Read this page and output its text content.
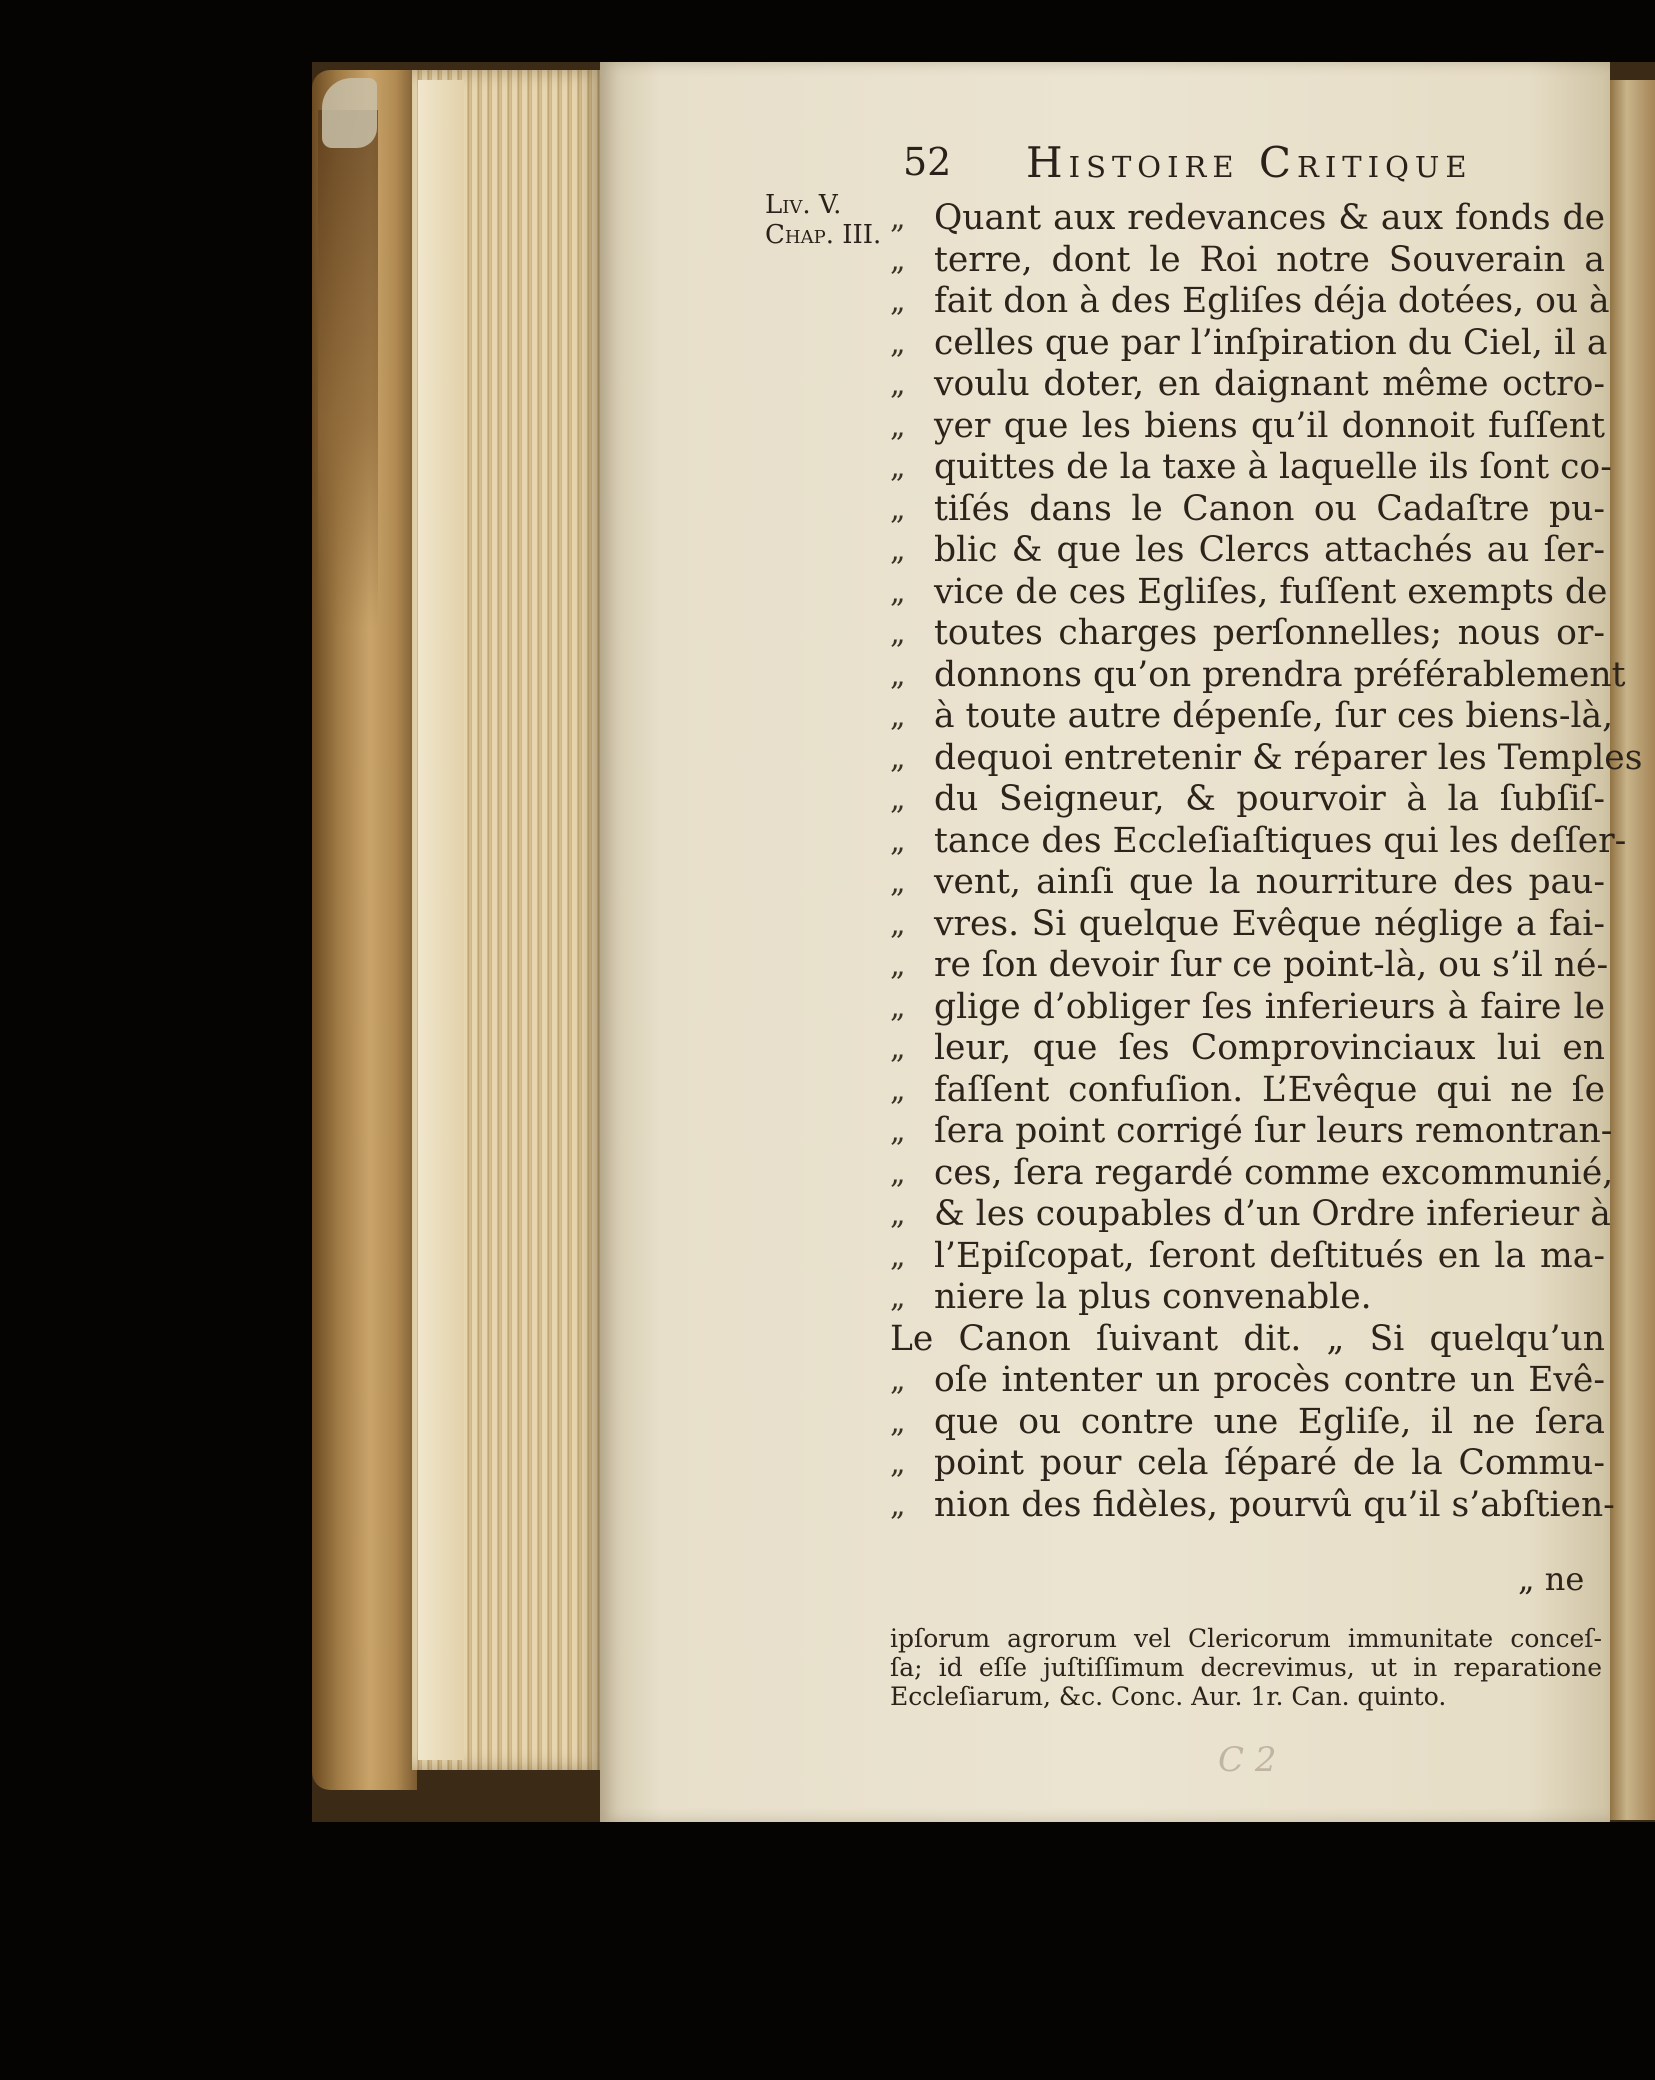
52 Histoire Critique
Liv. V.
Chap. III. „ Quant aux redevances & aux fonds de
„ terre, dont le Roi notre Souverain a
„ fait don à des Egliſes déja dotées, ou à
„ celles que par l’inſpiration du Ciel, il a
„ voulu doter, en daignant même octro-
„ yer que les biens qu’il donnoit fuſſent
„ quittes de la taxe à laquelle ils ſont co-
„ tiſés dans le Canon ou Cadaſtre pu-
„ blic & que les Clercs attachés au ſer-
„ vice de ces Egliſes, fuſſent exempts de
„ toutes charges perſonnelles; nous or-
„ donnons qu’on prendra préférablement
„ à toute autre dépenſe, ſur ces biens-là,
„ dequoi entretenir & réparer les Temples
„ du Seigneur, & pourvoir à la ſubſiſ-
„ tance des Eccleſiaſtiques qui les deſſer-
„ vent, ainſi que la nourriture des pau-
„ vres. Si quelque Evêque néglige a fai-
„ re ſon devoir ſur ce point-là, ou s’il né-
„ glige d’obliger ſes inferieurs à faire le
„ leur, que ſes Comprovinciaux lui en
„ faſſent confuſion. L’Evêque qui ne ſe
„ ſera point corrigé ſur leurs remontran-
„ ces, ſera regardé comme excommunié,
„ & les coupables d’un Ordre inferieur à
„ l’Epiſcopat, ſeront deſtitués en la ma-
„ niere la plus convenable.
Le Canon ſuivant dit. „ Si quelqu’un
„ oſe intenter un procès contre un Evê-
„ que ou contre une Egliſe, il ne ſera
„ point pour cela ſéparé de la Commu-
„ nion des fidèles, pourvû qu’il s’abſtien-
„ ne
ipſorum agrorum vel Clericorum immunitate conceſ-
ſa; id eſſe juſtiſſimum decrevimus, ut in reparatione
Eccleſiarum, &c. Conc. Aur. 1r. Can. quinto.
C 2
